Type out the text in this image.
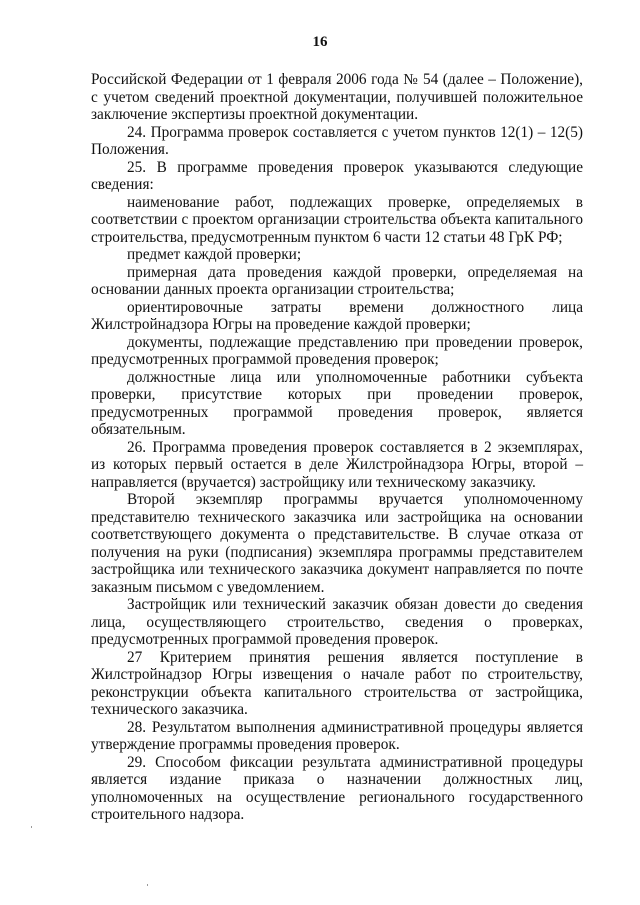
16

Российской Федерации от 1 февраля 2006 года № 54 (далее – Положение), с учетом сведений проектной документации, получившей положительное заключение экспертизы проектной документации.

24. Программа проверок составляется с учетом пунктов 12(1) – 12(5) Положения.

25. В программе проведения проверок указываются следующие сведения:

наименование работ, подлежащих проверке, определяемых в соответствии с проектом организации строительства объекта капитального строительства, предусмотренным пунктом 6 части 12 статьи 48 ГрК РФ;

предмет каждой проверки;

примерная дата проведения каждой проверки, определяемая на основании данных проекта организации строительства;

ориентировочные затраты времени должностного лица Жилстройнадзора Югры на проведение каждой проверки;

документы, подлежащие представлению при проведении проверок, предусмотренных программой проведения проверок;

должностные лица или уполномоченные работники субъекта проверки, присутствие которых при проведении проверок, предусмотренных программой проведения проверок, является обязательным.

26. Программа проведения проверок составляется в 2 экземплярах, из которых первый остается в деле Жилстройнадзора Югры, второй – направляется (вручается) застройщику или техническому заказчику.

Второй экземпляр программы вручается уполномоченному представителю технического заказчика или застройщика на основании соответствующего документа о представительстве. В случае отказа от получения на руки (подписания) экземпляра программы представителем застройщика или технического заказчика документ направляется по почте заказным письмом с уведомлением.

Застройщик или технический заказчик обязан довести до сведения лица, осуществляющего строительство, сведения о проверках, предусмотренных программой проведения проверок.

27 Критерием принятия решения является поступление в Жилстройнадзор Югры извещения о начале работ по строительству, реконструкции объекта капитального строительства от застройщика, технического заказчика.

28. Результатом выполнения административной процедуры является утверждение программы проведения проверок.

29. Способом фиксации результата административной процедуры является издание приказа о назначении должностных лиц, уполномоченных на осуществление регионального государственного строительного надзора.
